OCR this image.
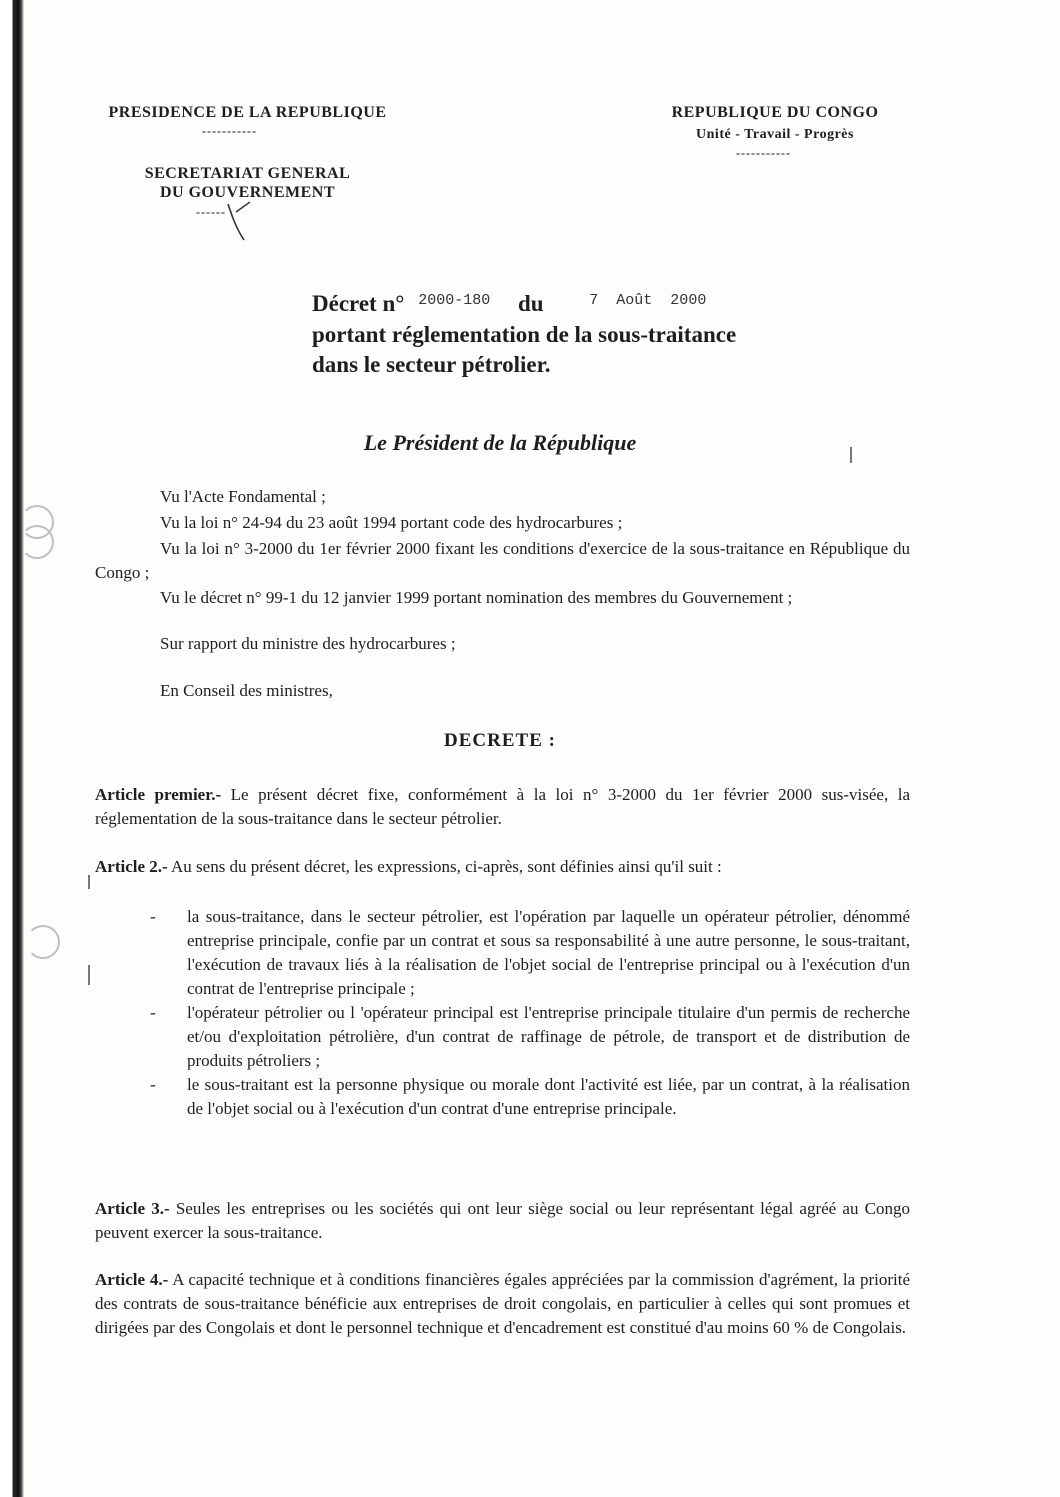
PRESIDENCE DE LA REPUBLIQUE
-----------
SECRETARIAT GENERAL
DU GOUVERNEMENT
------
REPUBLIQUE DU CONGO
Unité - Travail - Progrès
-----------
Décret n° $^{2000-180}$ du	$^{7 Août 2000}$
portant réglementation de la sous-traitance
dans le secteur pétrolier.
Le Président de la République
Vu l'Acte Fondamental ;
Vu la loi n° 24-94 du 23 août 1994 portant code des hydrocarbures ;
Vu la loi n° 3-2000 du 1er février 2000 fixant les conditions d'exercice de la sous-traitance en République du Congo ;
Vu le décret n° 99-1 du 12 janvier 1999 portant nomination des membres du Gouvernement ;
Sur rapport du ministre des hydrocarbures ;
En Conseil des ministres,
DECRETE :
Article premier.- Le présent décret fixe, conformément à la loi n° 3-2000 du 1er février 2000 sus-visée, la réglementation de la sous-traitance dans le secteur pétrolier.
Article 2.- Au sens du présent décret, les expressions, ci-après, sont définies ainsi qu'il suit :
- la sous-traitance, dans le secteur pétrolier, est l'opération par laquelle un opérateur pétrolier, dénommé entreprise principale, confie par un contrat et sous sa responsabilité à une autre personne, le sous-traitant, l'exécution de travaux liés à la réalisation de l'objet social de l'entreprise principal ou à l'exécution d'un contrat de l'entreprise principale ;
- l'opérateur pétrolier ou l 'opérateur principal est l'entreprise principale titulaire d'un permis de recherche et/ou d'exploitation pétrolière, d'un contrat de raffinage de pétrole, de transport et de distribution de produits pétroliers ;
- le sous-traitant est la personne physique ou morale dont l'activité est liée, par un contrat, à la réalisation de l'objet social ou à l'exécution d'un contrat d'une entreprise principale.
Article 3.- Seules les entreprises ou les sociétés qui ont leur siège social ou leur représentant légal agréé au Congo peuvent exercer la sous-traitance.
Article 4.- A capacité technique et à conditions financières égales appréciées par la commission d'agrément, la priorité des contrats de sous-traitance bénéficie aux entreprises de droit congolais, en particulier à celles qui sont promues et dirigées par des Congolais et dont le personnel technique et d'encadrement est constitué d'au moins 60 % de Congolais.
